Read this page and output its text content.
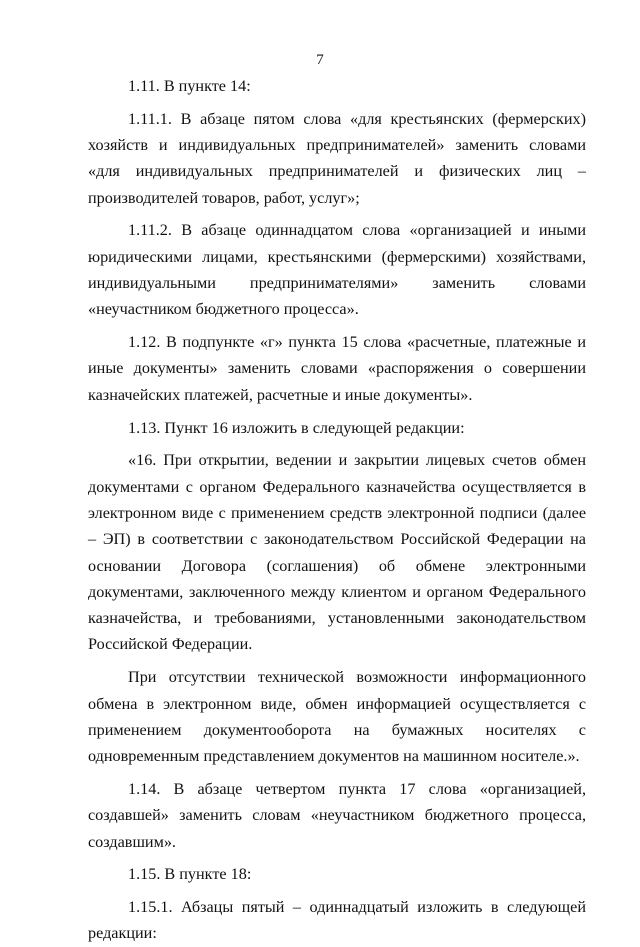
7

1.11. В пункте 14:

1.11.1. В абзаце пятом слова «для крестьянских (фермерских) хозяйств и индивидуальных предпринимателей» заменить словами «для индивидуальных предпринимателей и физических лиц – производителей товаров, работ, услуг»;

1.11.2. В абзаце одиннадцатом слова «организацией и иными юридическими лицами, крестьянскими (фермерскими) хозяйствами, индивидуальными предпринимателями» заменить словами «неучастником бюджетного процесса».

1.12. В подпункте «г» пункта 15 слова «расчетные, платежные и иные документы» заменить словами «распоряжения о совершении казначейских платежей, расчетные и иные документы».

1.13. Пункт 16 изложить в следующей редакции:

«16. При открытии, ведении и закрытии лицевых счетов обмен документами с органом Федерального казначейства осуществляется в электронном виде с применением средств электронной подписи (далее – ЭП) в соответствии с законодательством Российской Федерации на основании Договора (соглашения) об обмене электронными документами, заключенного между клиентом и органом Федерального казначейства, и требованиями, установленными законодательством Российской Федерации.

При отсутствии технической возможности информационного обмена в электронном виде, обмен информацией осуществляется с применением документооборота на бумажных носителях с одновременным представлением документов на машинном носителе.».

1.14. В абзаце четвертом пункта 17 слова «организацией, создавшей» заменить словам «неучастником бюджетного процесса, создавшим».

1.15. В пункте 18:

1.15.1. Абзацы пятый – одиннадцатый изложить в следующей редакции:
